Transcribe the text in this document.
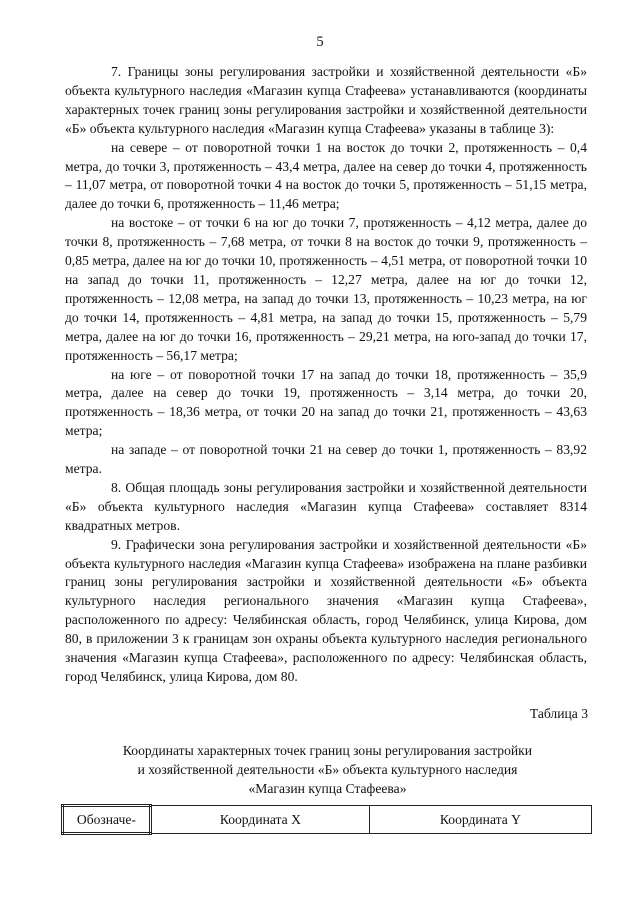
5

7. Границы зоны регулирования застройки и хозяйственной деятельности «Б» объекта культурного наследия «Магазин купца Стафеева» устанавливаются (координаты характерных точек границ зоны регулирования застройки и хозяйственной деятельности «Б» объекта культурного наследия «Магазин купца Стафеева» указаны в таблице 3):

на севере – от поворотной точки 1 на восток до точки 2, протяженность – 0,4 метра, до точки 3, протяженность – 43,4 метра, далее на север до точки 4, протяженность – 11,07 метра, от поворотной точки 4 на восток до точки 5, протяженность – 51,15 метра, далее до точки 6, протяженность – 11,46 метра;

на востоке – от точки 6 на юг до точки 7, протяженность – 4,12 метра, далее до точки 8, протяженность – 7,68 метра, от точки 8 на восток до точки 9, протяженность – 0,85 метра, далее на юг до точки 10, протяженность – 4,51 метра, от поворотной точки 10 на запад до точки 11, протяженность – 12,27 метра, далее на юг до точки 12, протяженность – 12,08 метра, на запад до точки 13, протяженность – 10,23 метра, на юг до точки 14, протяженность – 4,81 метра, на запад до точки 15, протяженность – 5,79 метра, далее на юг до точки 16, протяженность – 29,21 метра, на юго-запад до точки 17, протяженность – 56,17 метра;

на юге – от поворотной точки 17 на запад до точки 18, протяженность – 35,9 метра, далее на север до точки 19, протяженность – 3,14 метра, до точки 20, протяженность – 18,36 метра, от точки 20 на запад до точки 21, протяженность – 43,63 метра;

на западе – от поворотной точки 21 на север до точки 1, протяженность – 83,92 метра.

8. Общая площадь зоны регулирования застройки и хозяйственной деятельности «Б» объекта культурного наследия «Магазин купца Стафеева» составляет 8314 квадратных метров.

9. Графически зона регулирования застройки и хозяйственной деятельности «Б» объекта культурного наследия «Магазин купца Стафеева» изображена на плане разбивки границ зоны регулирования застройки и хозяйственной деятельности «Б» объекта культурного наследия регионального значения «Магазин купца Стафеева», расположенного по адресу: Челябинская область, город Челябинск, улица Кирова, дом 80, в приложении 3 к границам зон охраны объекта культурного наследия регионального значения «Магазин купца Стафеева», расположенного по адресу: Челябинская область, город Челябинск, улица Кирова, дом 80.

Таблица 3
Координаты характерных точек границ зоны регулирования застройки
и хозяйственной деятельности «Б» объекта культурного наследия
«Магазин купца Стафеева»
Обозначе-	Координата X	Координата Y
